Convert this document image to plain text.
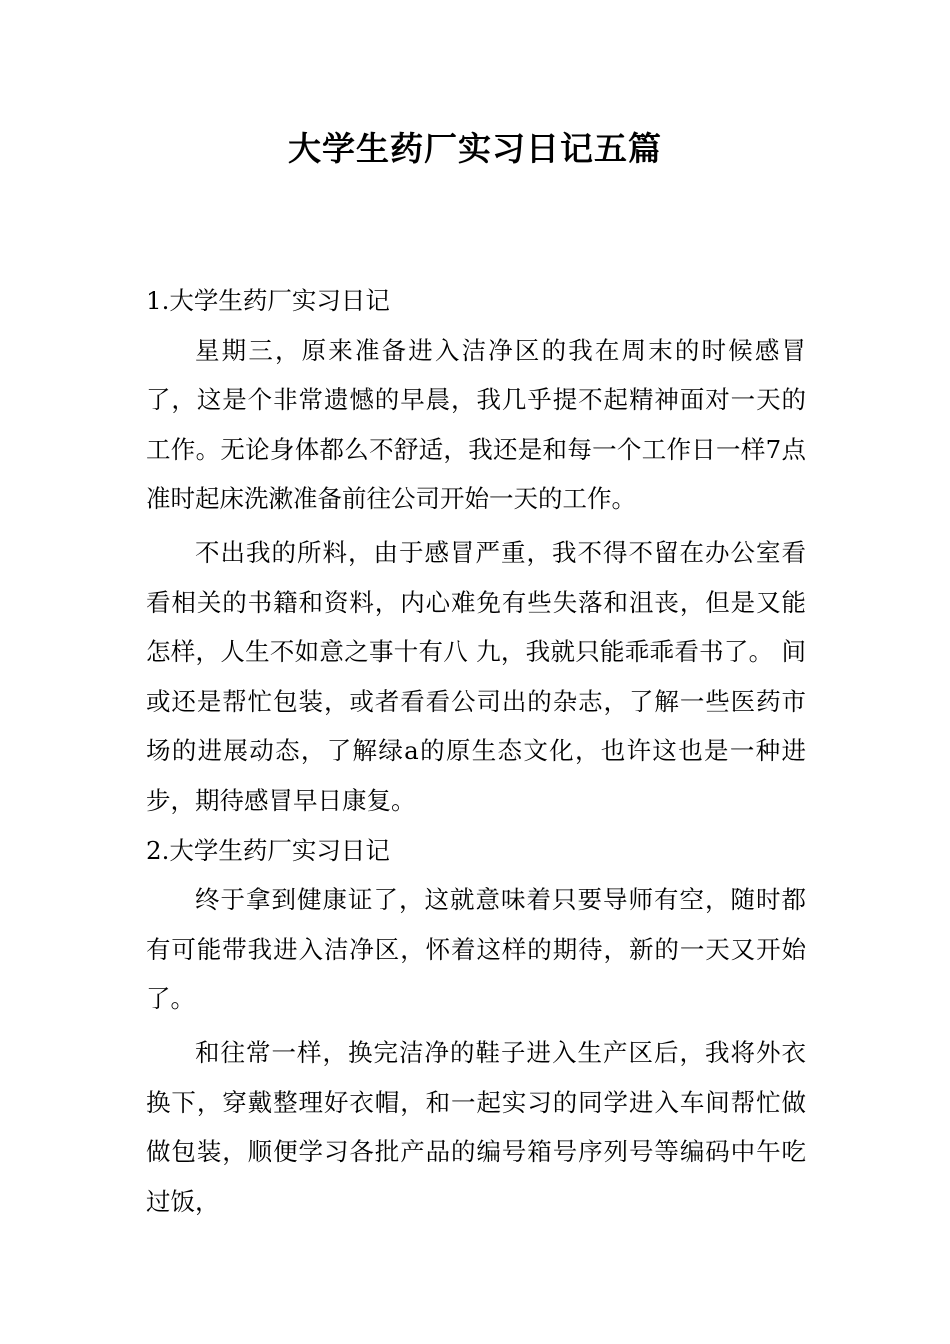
大学生药厂实习日记五篇
1.大学生药厂实习日记

星期三，原来准备进入洁净区的我在周末的时候感冒了，这是个非常遗憾的早晨，我几乎提不起精神面对一天的工作。无论身体都么不舒适，我还是和每一个工作日一样7点准时起床洗漱准备前往公司开始一天的工作。

不出我的所料，由于感冒严重，我不得不留在办公室看看相关的书籍和资料，内心难免有些失落和沮丧，但是又能怎样，人生不如意之事十有八 九，我就只能乖乖看书了。 间或还是帮忙包装，或者看看公司出的杂志，了解一些医药市场的进展动态，了解绿a的原生态文化，也许这也是一种进步，期待感冒早日康复。

2.大学生药厂实习日记

终于拿到健康证了，这就意味着只要导师有空，随时都有可能带我进入洁净区，怀着这样的期待，新的一天又开始了。

和往常一样，换完洁净的鞋子进入生产区后，我将外衣换下，穿戴整理好衣帽，和一起实习的同学进入车间帮忙做做包装，顺便学习各批产品的编号箱号序列号等编码中午吃过饭，
